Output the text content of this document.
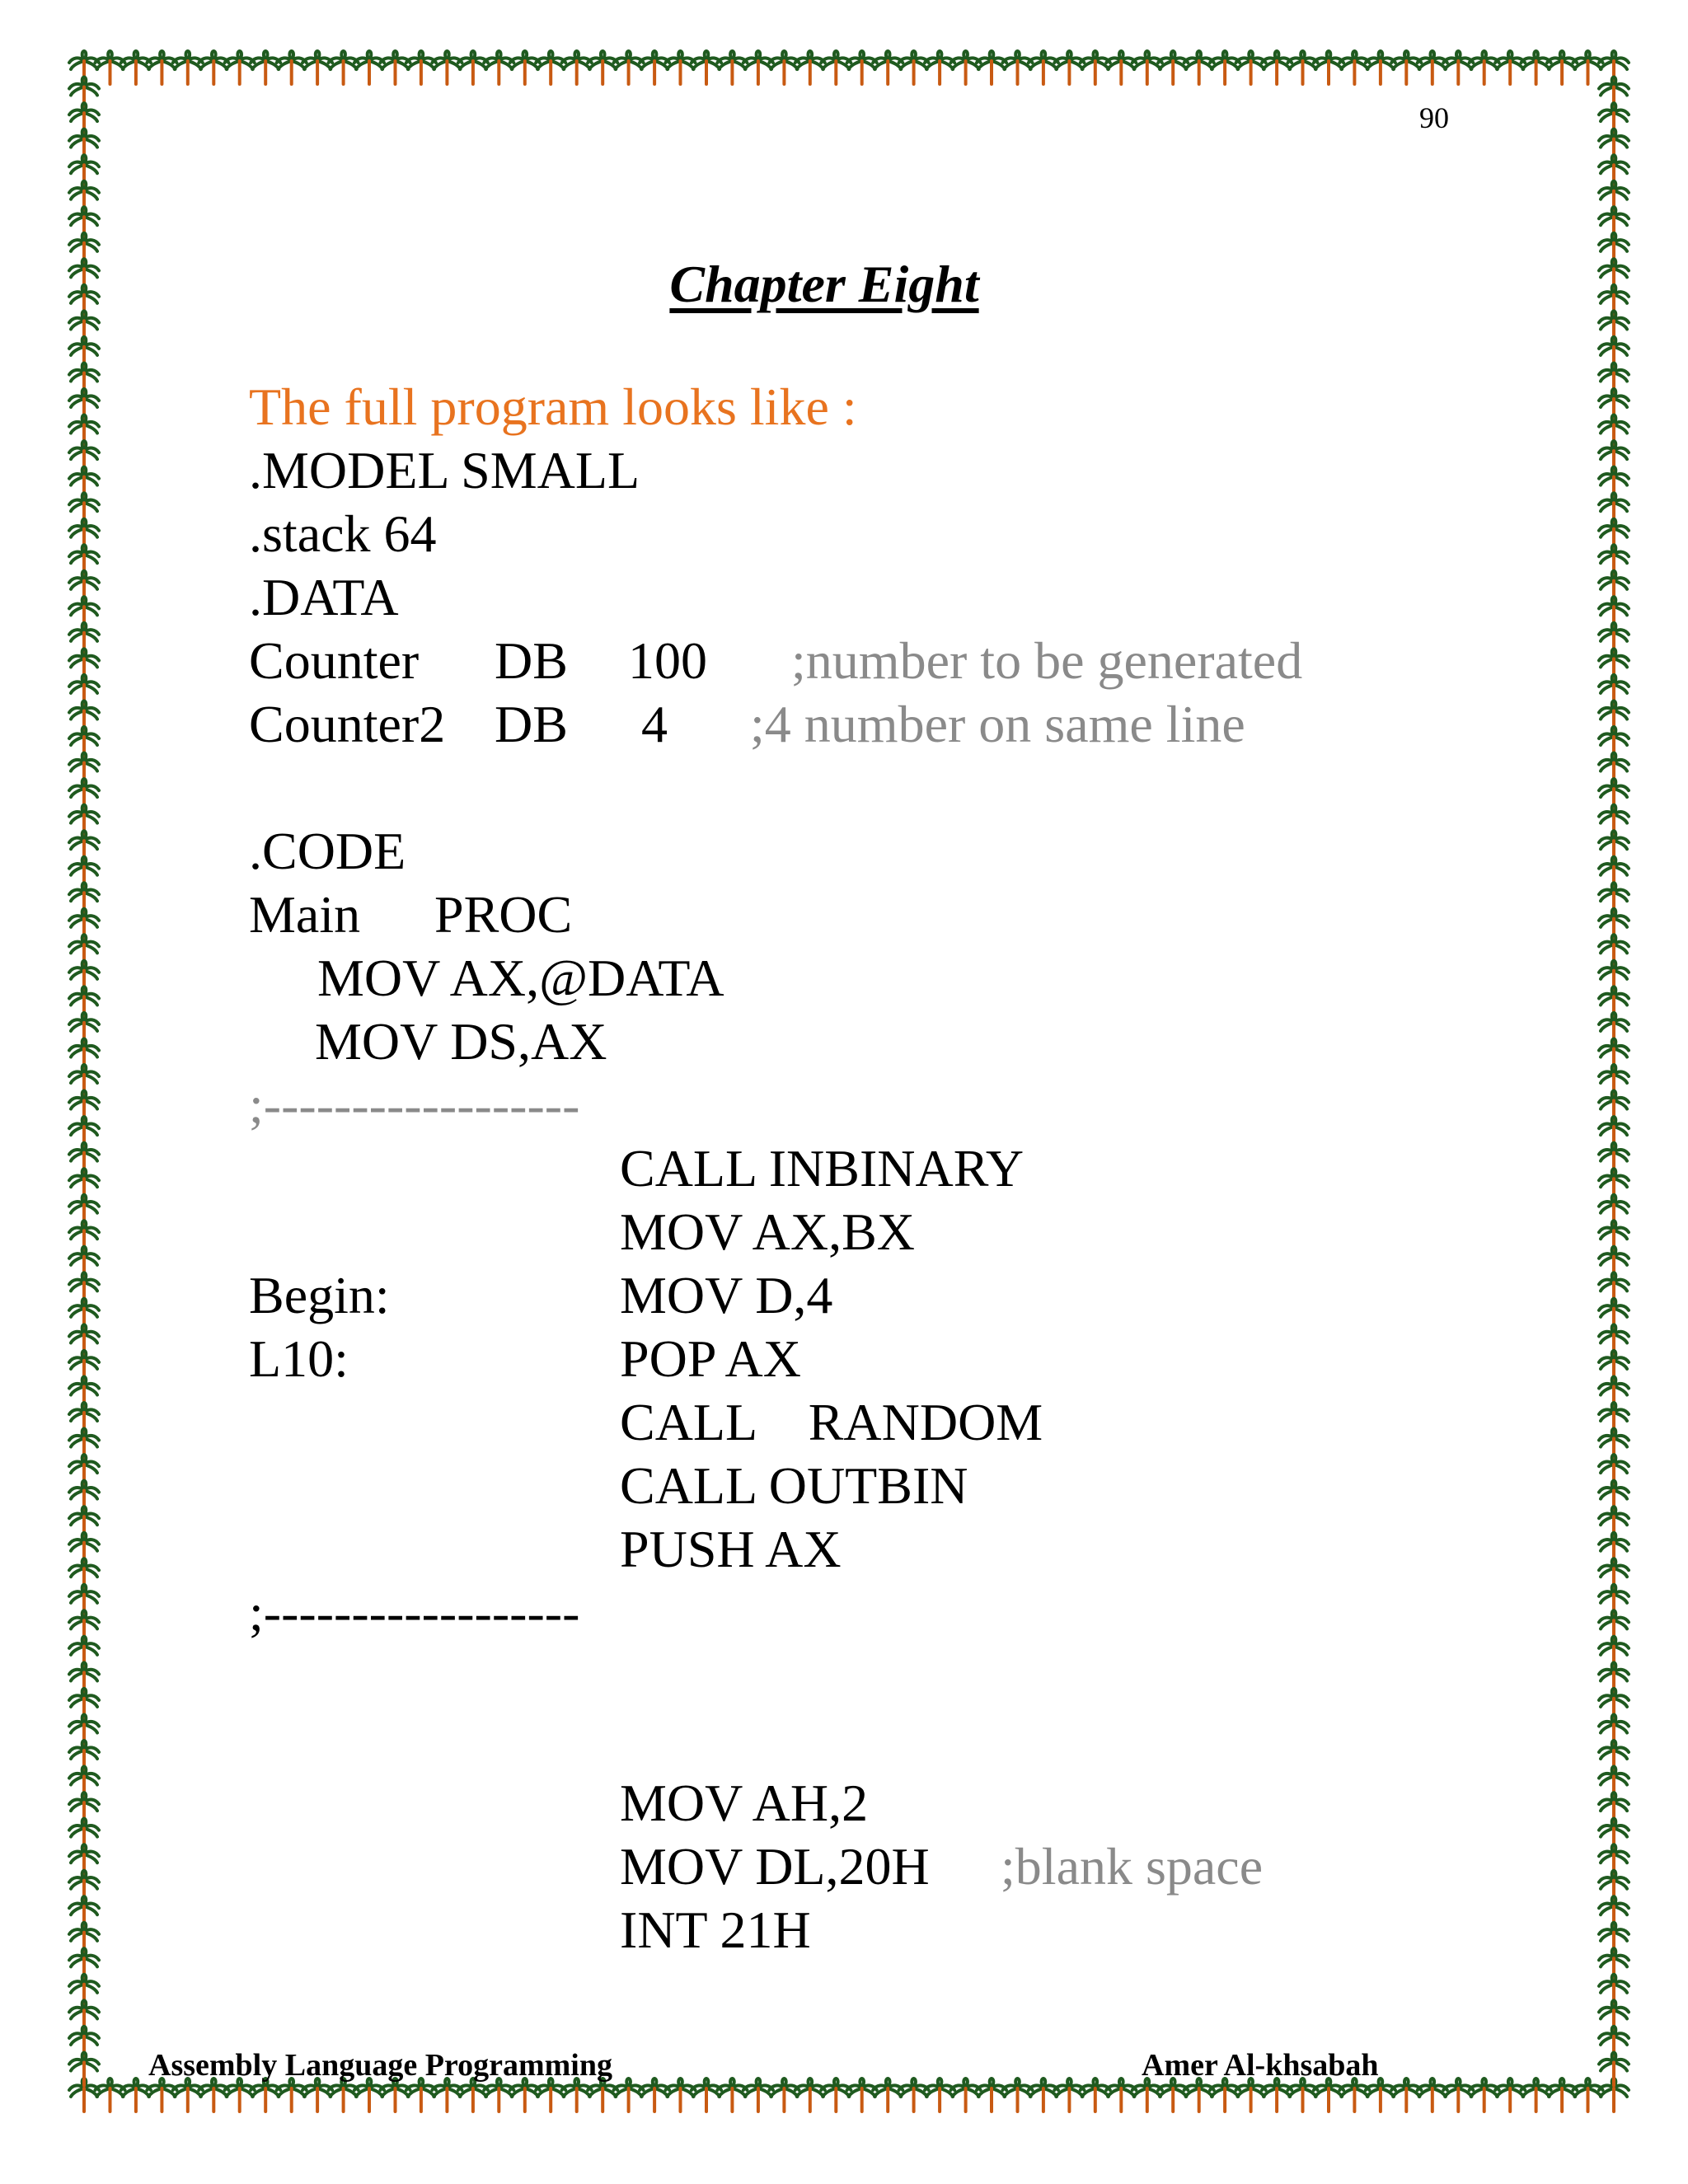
90
Chapter Eight
The full program looks like :
.MODEL SMALL
.stack 64
.DATA
Counter DB 100 ;number to be generated
Counter2 DB 4 ;4 number on same line
.CODE
Main PROC
MOV AX,@DATA
MOV DS,AX
;------------------
CALL INBINARY
MOV AX,BX
Begin:	MOV D,4
L10:	POP AX
CALL    RANDOM
CALL OUTBIN
PUSH AX
;------------------
MOV AH,2
MOV DL,20H ;blank space
INT 21H
Assembly Language Programming	Amer Al-khsabah
